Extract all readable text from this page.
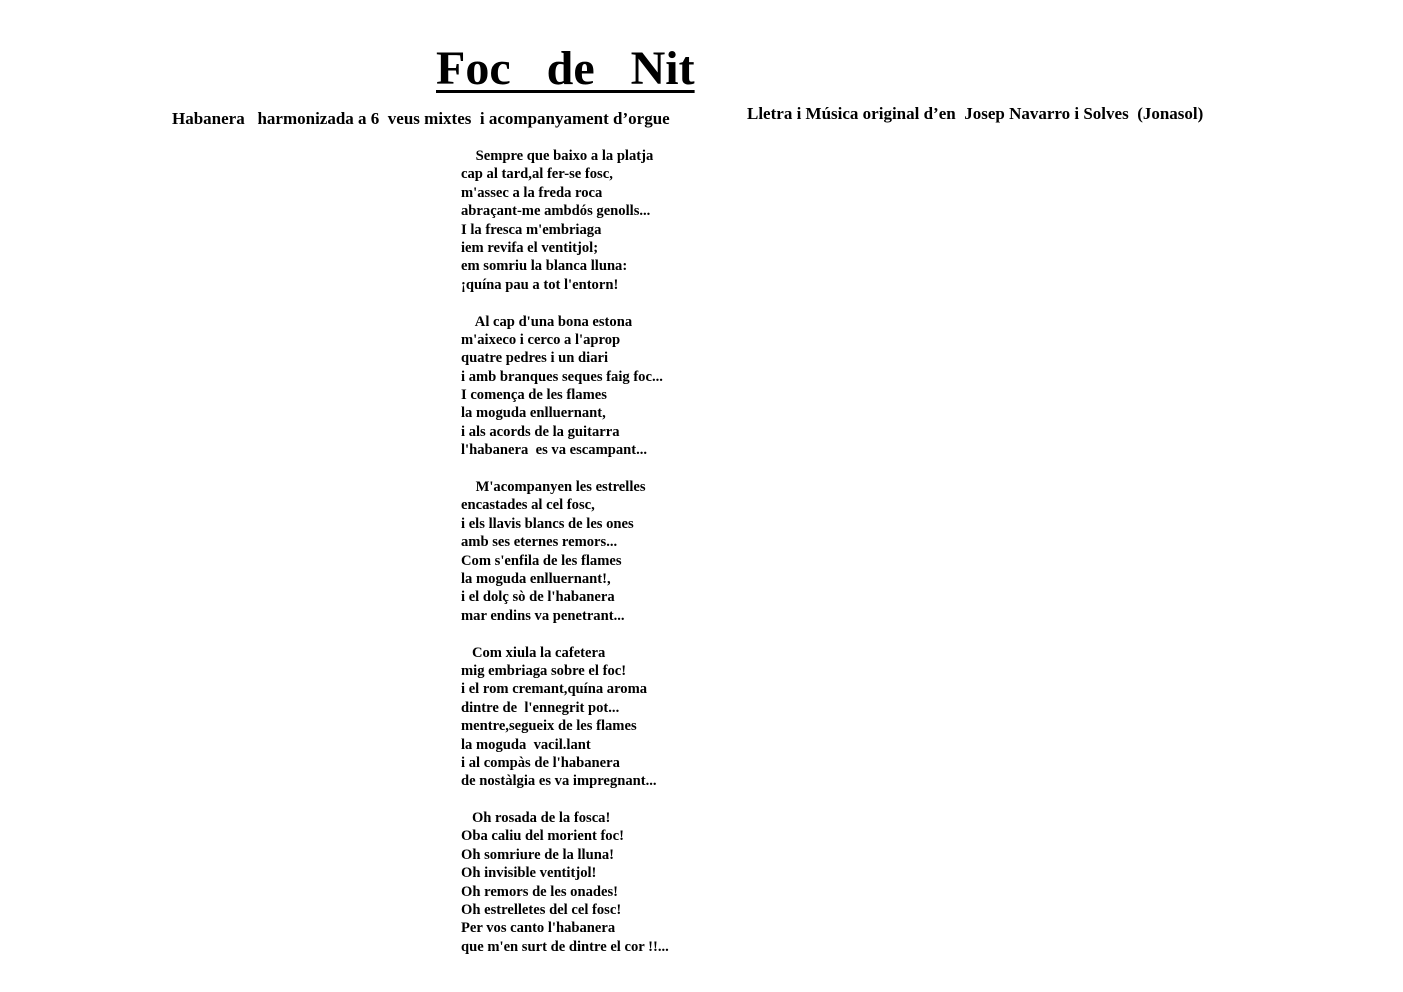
Foc   de   Nit
Habanera   harmonizada a 6  veus mixtes  i acompanyament d’orgue	Lletra i Música original d’en  Josep Navarro i Solves  (Jonasol)
Sempre que baixo a la platja
cap al tard,al fer-se fosc,
m'assec a la freda roca
abraçant-me ambdós genolls...
I la fresca m'embriaga
iem revifa el ventitjol;
em somriu la blanca lluna:
¡quína pau a tot l'entorn!
Al cap d'una bona estona
m'aixeco i cerco a l'aprop
quatre pedres i un diari
i amb branques seques faig foc...
I comença de les flames
la moguda enlluernant,
i als acords de la guitarra
l'habanera  es va escampant...
M'acompanyen les estrelles
encastades al cel fosc,
i els llavis blancs de les ones
amb ses eternes remors...
Com s'enfila de les flames
la moguda enlluernant!,
i el dolç sò de l'habanera
mar endins va penetrant...
Com xiula la cafetera
mig embriaga sobre el foc!
i el rom cremant,quína aroma
dintre de  l'ennegrit pot...
mentre,segueix de les flames
la moguda  vacil.lant
i al compàs de l'habanera
de nostàlgia es va impregnant...
Oh rosada de la fosca!
Oba caliu del morient foc!
Oh somriure de la lluna!
Oh invisible ventitjol!
Oh remors de les onades!
Oh estrelletes del cel fosc!
Per vos canto l'habanera
que m'en surt de dintre el cor !!...
